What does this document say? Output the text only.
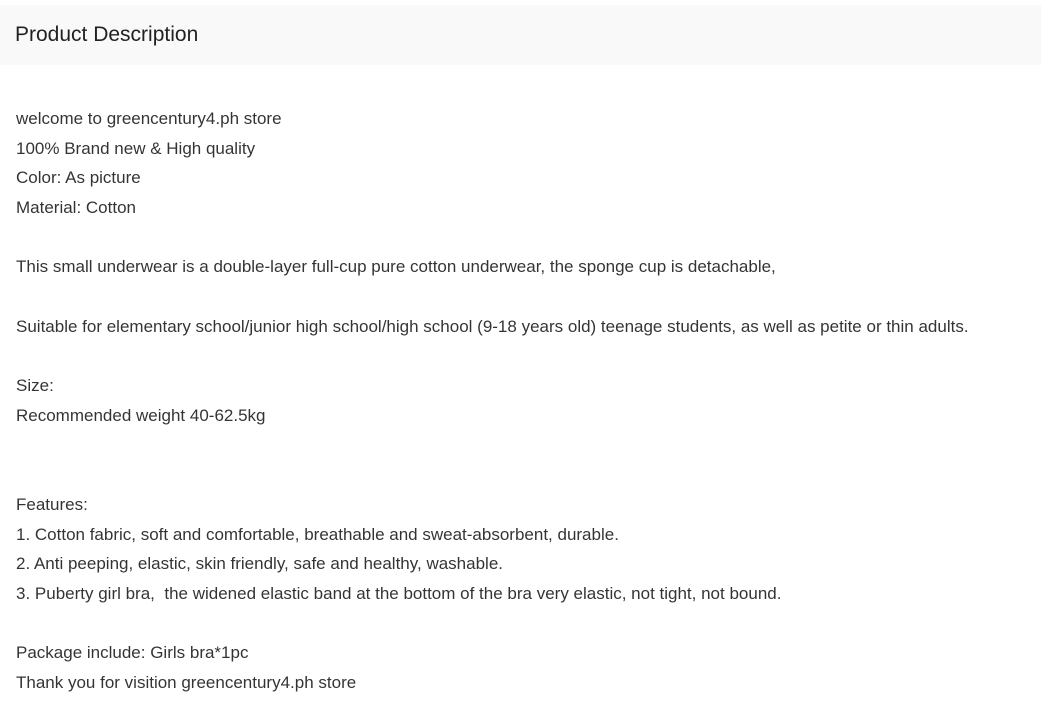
Product Description
welcome to greencentury4.ph store
100% Brand new & High quality
Color: As picture
Material: Cotton
This small underwear is a double-layer full-cup pure cotton underwear, the sponge cup is detachable,
Suitable for elementary school/junior high school/high school (9-18 years old) teenage students, as well as petite or thin adults.
Size:
Recommended weight 40-62.5kg
Features:
1. Cotton fabric, soft and comfortable, breathable and sweat-absorbent, durable.
2. Anti peeping, elastic, skin friendly, safe and healthy, washable.
3. Puberty girl bra,  the widened elastic band at the bottom of the bra very elastic, not tight, not bound.
Package include: Girls bra*1pc
Thank you for visition greencentury4.ph store
